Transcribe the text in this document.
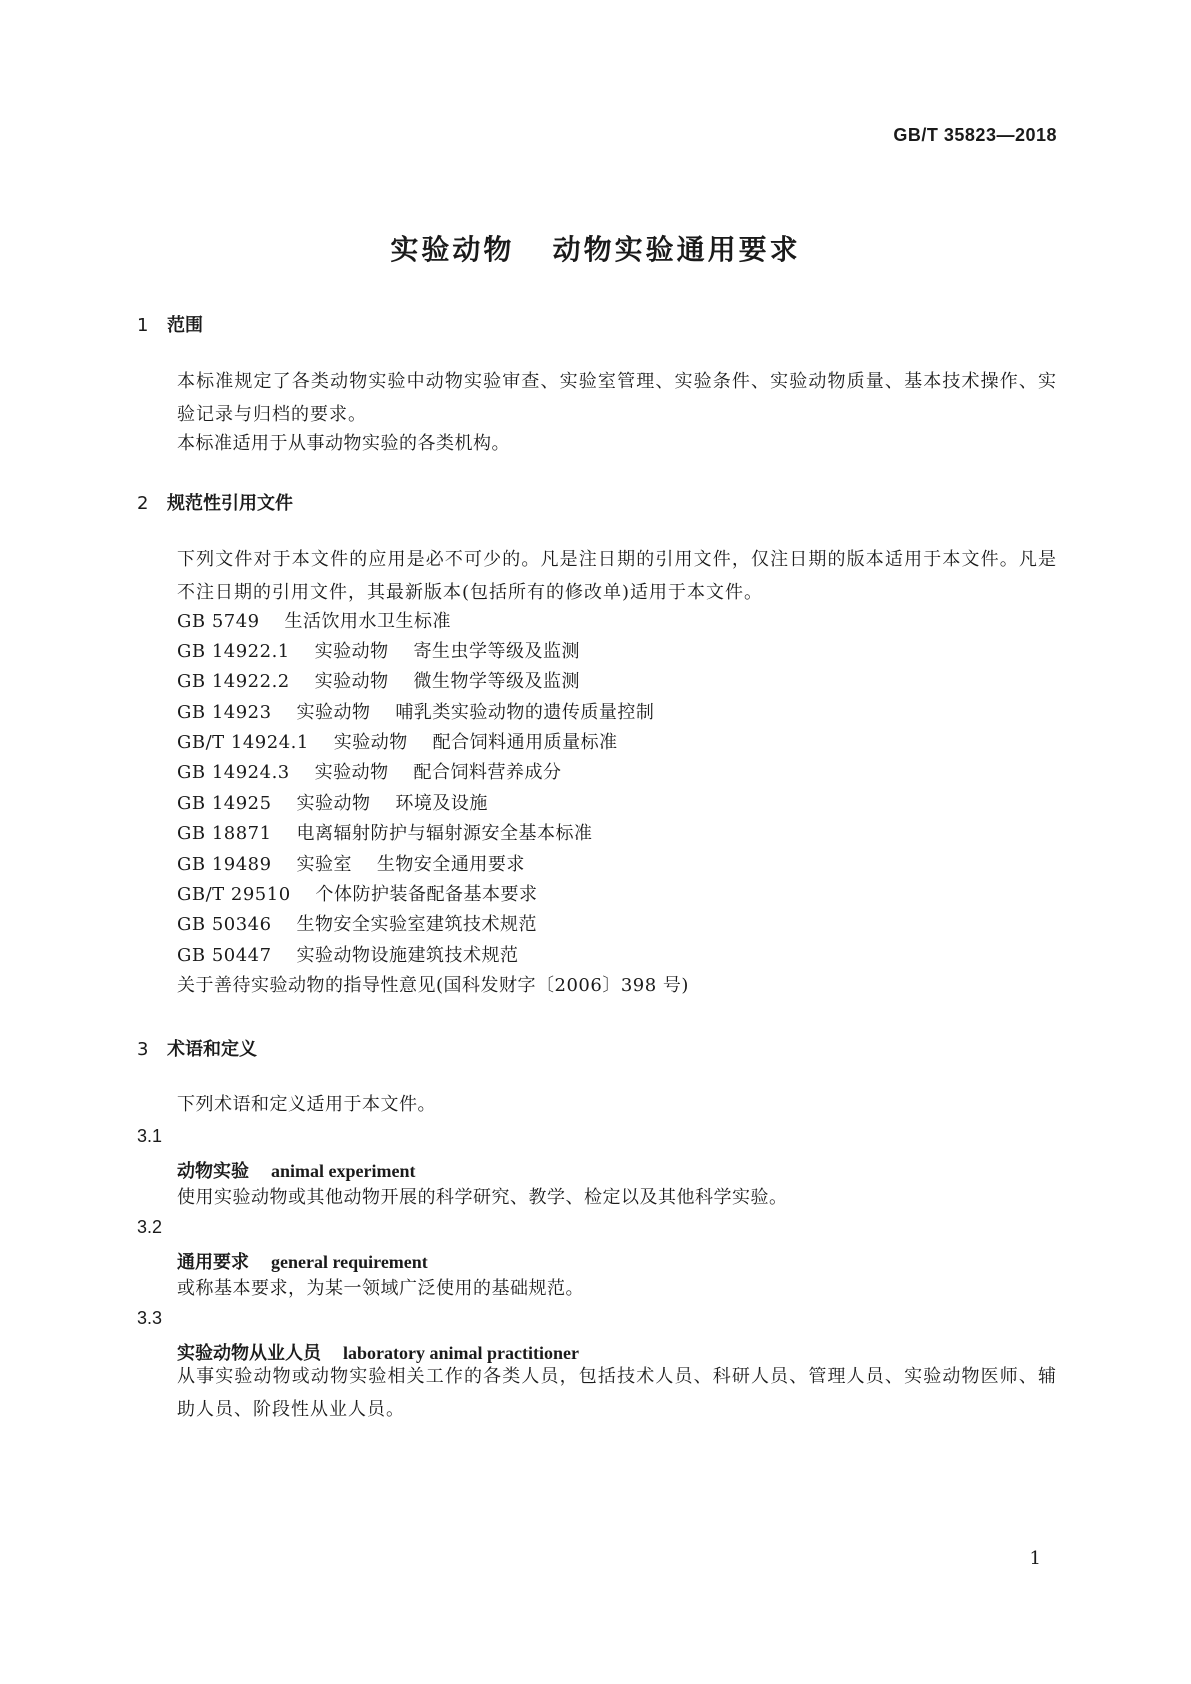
GB/T 35823—2018
实验动物   动物实验通用要求
1 范围
本标准规定了各类动物实验中动物实验审查、实验室管理、实验条件、实验动物质量、基本技术操作、实验记录与归档的要求。
本标准适用于从事动物实验的各类机构。
2 规范性引用文件
下列文件对于本文件的应用是必不可少的。凡是注日期的引用文件，仅注日期的版本适用于本文件。凡是不注日期的引用文件，其最新版本(包括所有的修改单)适用于本文件。
GB 5749    生活饮用水卫生标准
GB 14922.1    实验动物    寄生虫学等级及监测
GB 14922.2    实验动物    微生物学等级及监测
GB 14923    实验动物    哺乳类实验动物的遗传质量控制
GB/T 14924.1    实验动物    配合饲料通用质量标准
GB 14924.3    实验动物    配合饲料营养成分
GB 14925    实验动物    环境及设施
GB 18871    电离辐射防护与辐射源安全基本标准
GB 19489    实验室    生物安全通用要求
GB/T 29510    个体防护装备配备基本要求
GB 50346    生物安全实验室建筑技术规范
GB 50447    实验动物设施建筑技术规范
关于善待实验动物的指导性意见(国科发财字〔2006〕398 号)
3 术语和定义
下列术语和定义适用于本文件。
3.1
动物实验 animal experiment
使用实验动物或其他动物开展的科学研究、教学、检定以及其他科学实验。
3.2
通用要求 general requirement
或称基本要求，为某一领域广泛使用的基础规范。
3.3
实验动物从业人员 laboratory animal practitioner
从事实验动物或动物实验相关工作的各类人员，包括技术人员、科研人员、管理人员、实验动物医师、辅助人员、阶段性从业人员。
1
